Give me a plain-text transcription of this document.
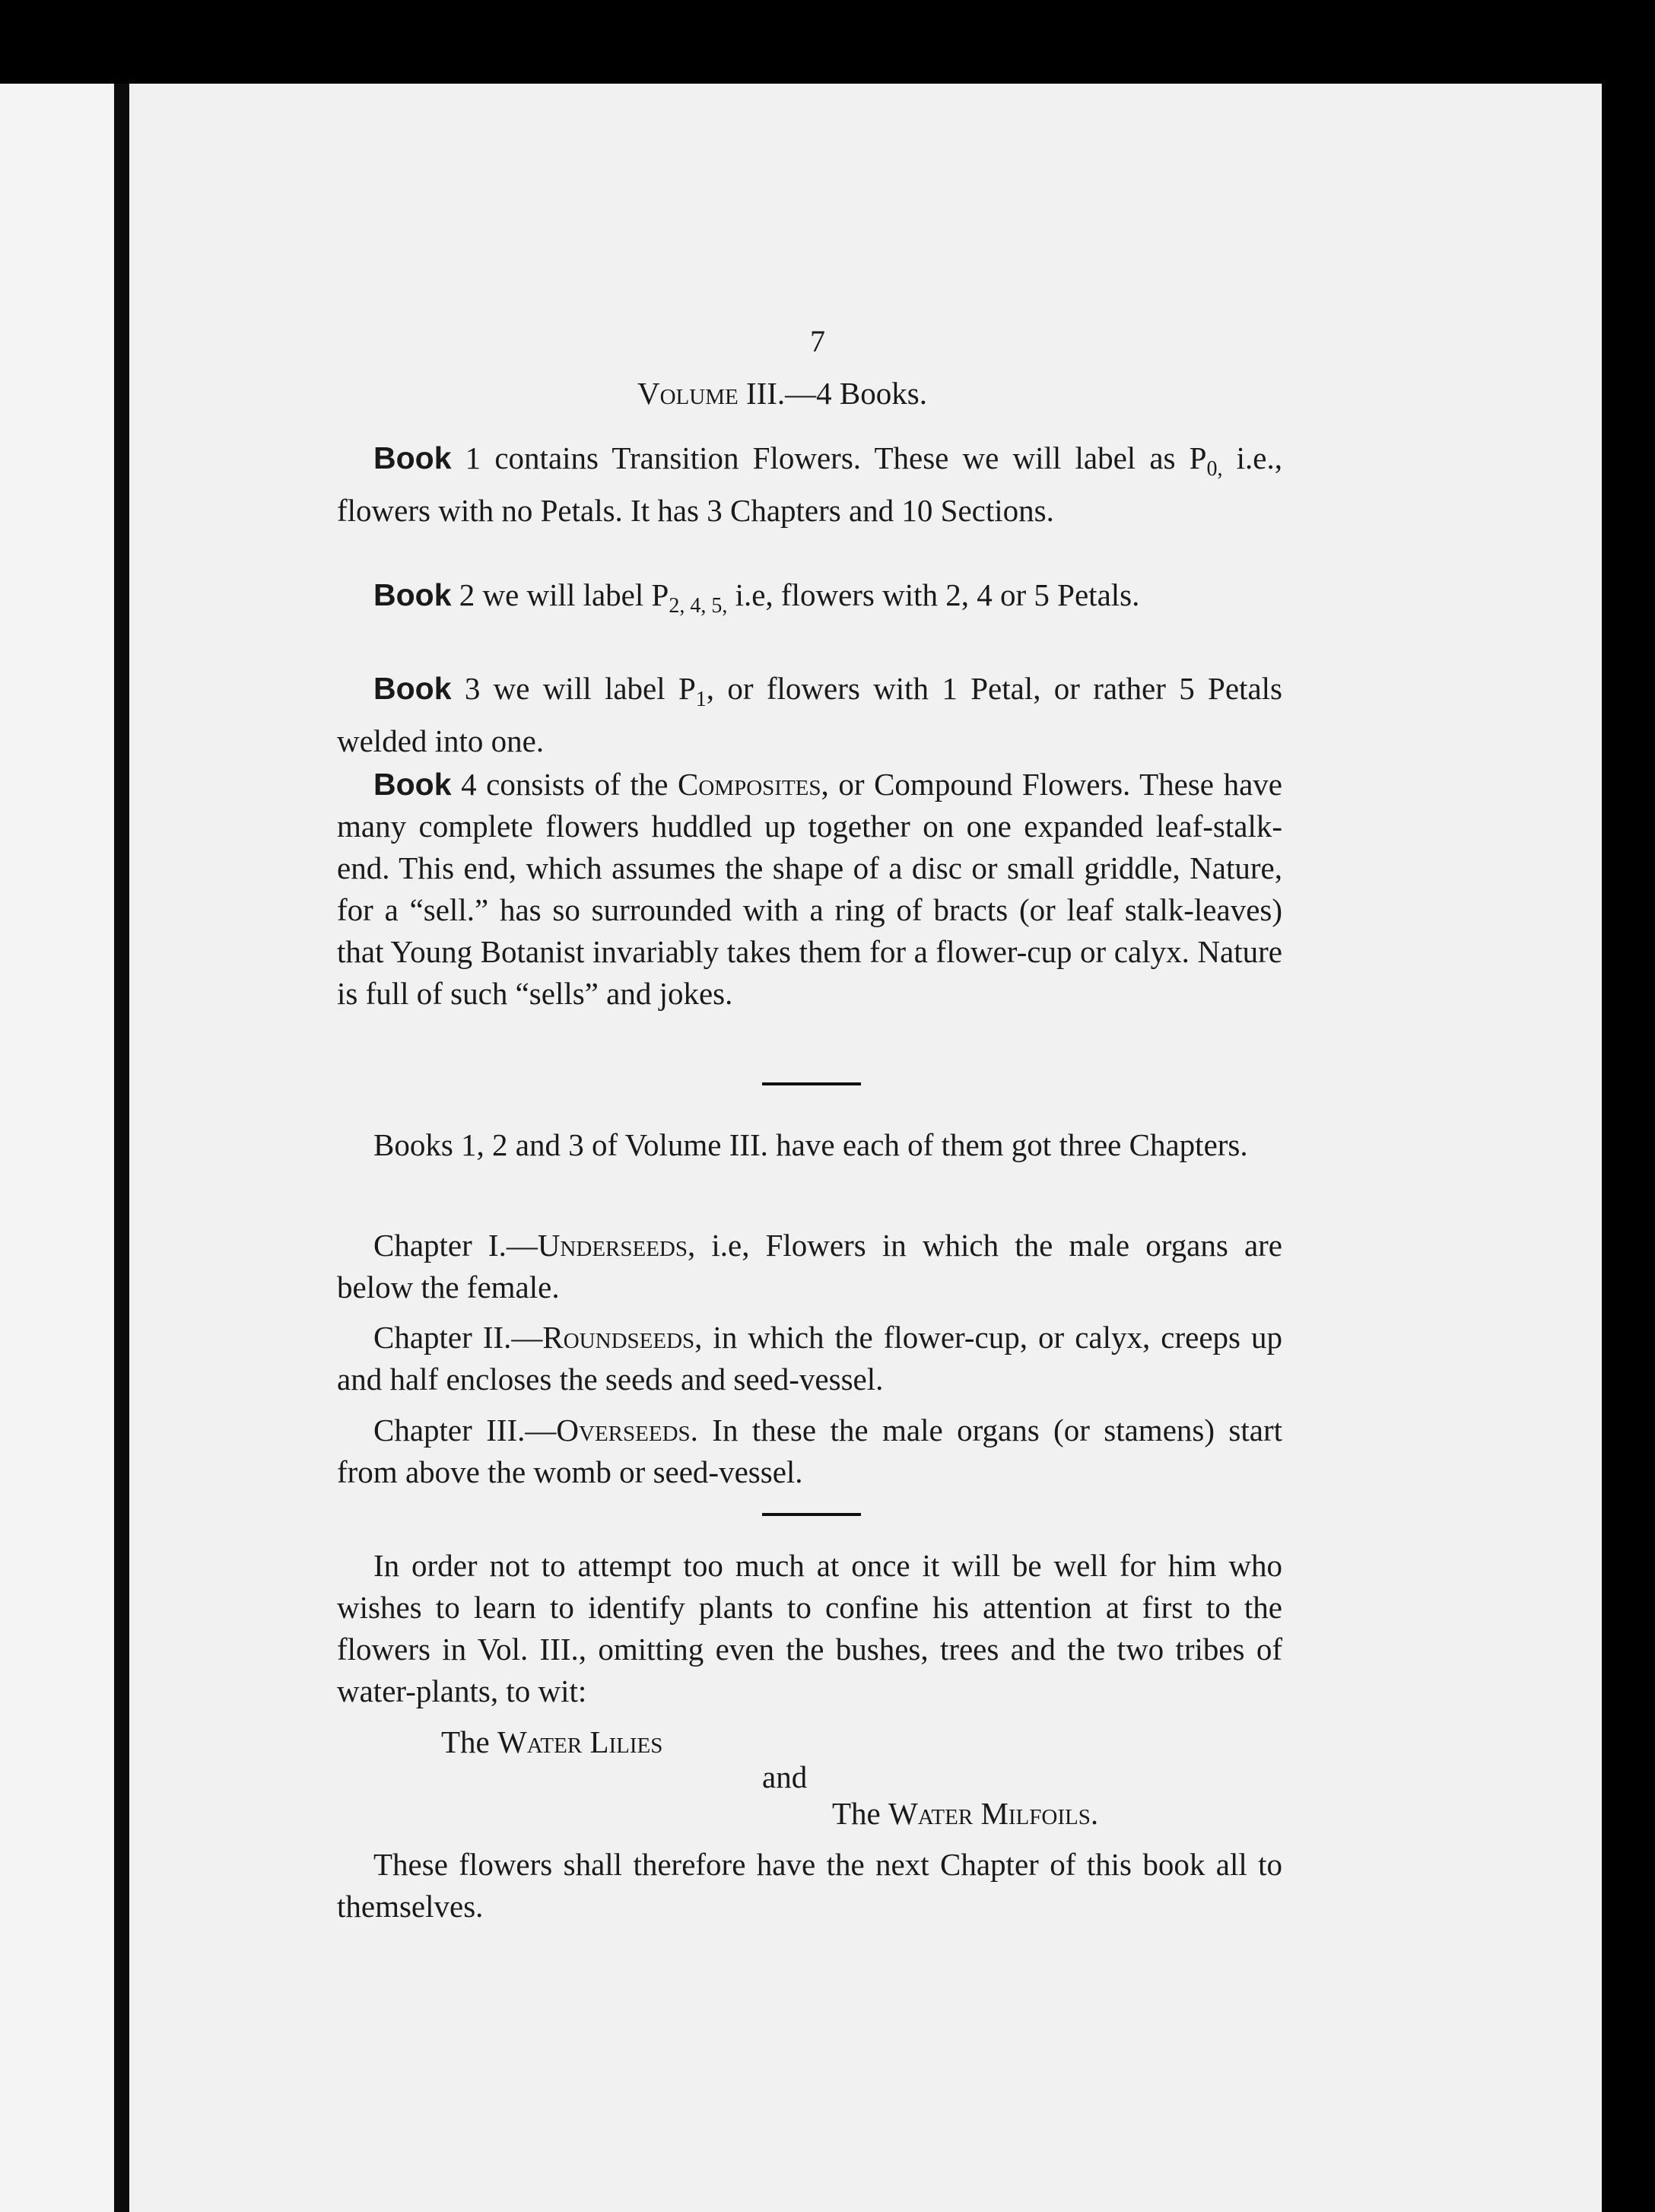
7
Volume III.—4 Books.

Book 1 contains Transition Flowers. These we will label as $P_{0,}$ i.e., flowers with no Petals. It has 3 Chapters and 10 Sections.

Book 2 we will label $P_{2, 4, 5,}$ i.e, flowers with 2, 4 or 5 Petals.

Book 3 we will label $P_1$, or flowers with 1 Petal, or rather 5 Petals welded into one.

Book 4 consists of the Composites, or Compound Flowers. These have many complete flowers huddled up together on one expanded leaf-stalk-end. This end, which assumes the shape of a disc or small griddle, Nature, for a “sell.” has so surrounded with a ring of bracts (or leaf stalk-leaves) that Young Botanist invariably takes them for a flower-cup or calyx. Nature is full of such “sells” and jokes.

Books 1, 2 and 3 of Volume III. have each of them got three Chapters.

Chapter I.—Underseeds, i.e, Flowers in which the male organs are below the female.

Chapter II.—Roundseeds, in which the flower-cup, or calyx, creeps up and half encloses the seeds and seed-vessel.

Chapter III.—Overseeds. In these the male organs (or stamens) start from above the womb or seed-vessel.

In order not to attempt too much at once it will be well for him who wishes to learn to identify plants to confine his attention at first to the flowers in Vol. III., omitting even the bushes, trees and the two tribes of water-plants, to wit:

The Water Lilies
and
The Water Milfoils.

These flowers shall therefore have the next Chapter of this book all to themselves.
